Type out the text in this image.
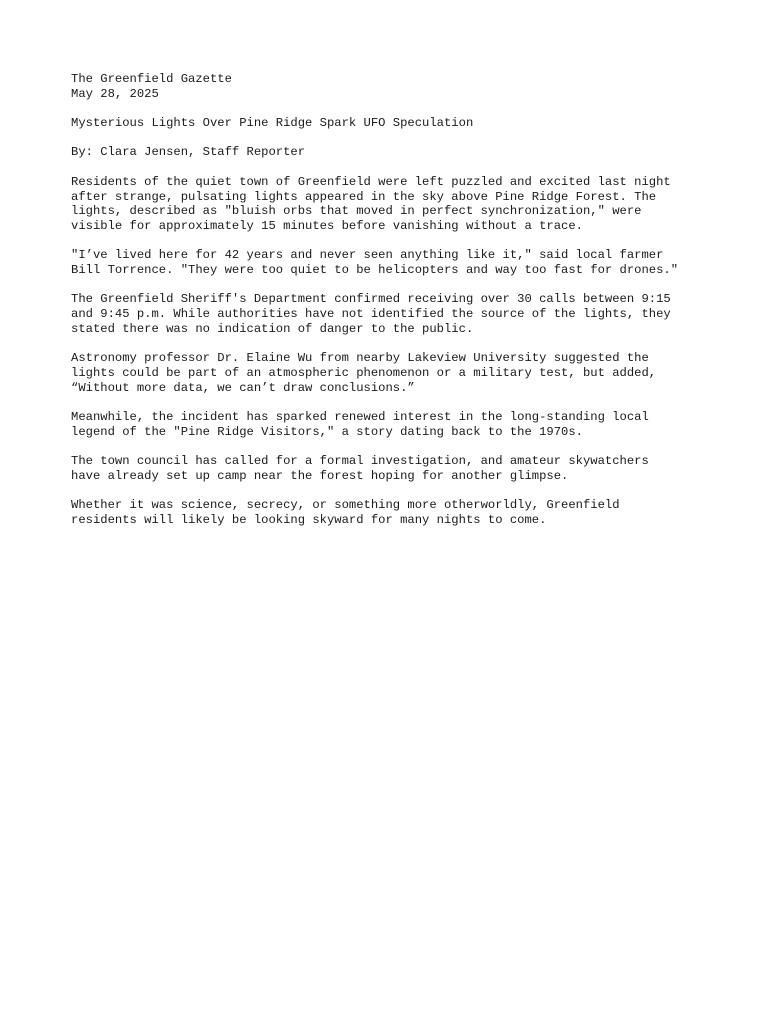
The Greenfield Gazette
May 28, 2025
Mysterious Lights Over Pine Ridge Spark UFO Speculation
By: Clara Jensen, Staff Reporter
Residents of the quiet town of Greenfield were left puzzled and excited last night
after strange, pulsating lights appeared in the sky above Pine Ridge Forest. The
lights, described as "bluish orbs that moved in perfect synchronization," were
visible for approximately 15 minutes before vanishing without a trace.
"I’ve lived here for 42 years and never seen anything like it," said local farmer
Bill Torrence. "They were too quiet to be helicopters and way too fast for drones."
The Greenfield Sheriff's Department confirmed receiving over 30 calls between 9:15
and 9:45 p.m. While authorities have not identified the source of the lights, they
stated there was no indication of danger to the public.
Astronomy professor Dr. Elaine Wu from nearby Lakeview University suggested the
lights could be part of an atmospheric phenomenon or a military test, but added,
“Without more data, we can’t draw conclusions.”
Meanwhile, the incident has sparked renewed interest in the long-standing local
legend of the "Pine Ridge Visitors," a story dating back to the 1970s.
The town council has called for a formal investigation, and amateur skywatchers
have already set up camp near the forest hoping for another glimpse.
Whether it was science, secrecy, or something more otherworldly, Greenfield
residents will likely be looking skyward for many nights to come.
